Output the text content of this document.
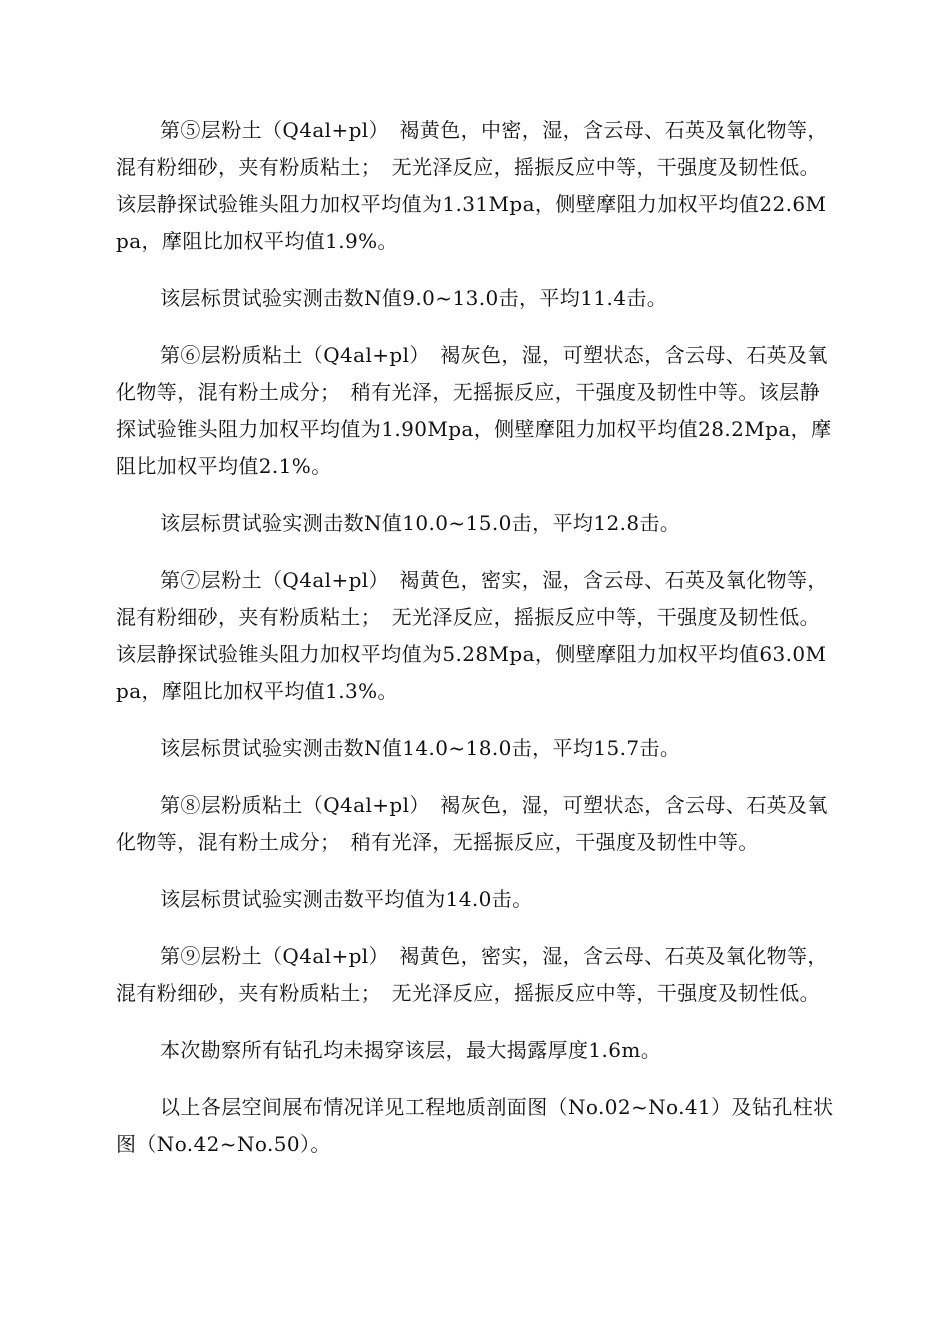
第⑤层粉土（Q4al+pl）　褐黄色，中密，湿，含云母、石英及氧化物等，混有粉细砂，夹有粉质粘土；　无光泽反应，摇振反应中等，干强度及韧性低。该层静探试验锥头阻力加权平均值为1.31Mpa，侧壁摩阻力加权平均值22.6Mpa，摩阻比加权平均值1.9%。

该层标贯试验实测击数N值9.0~13.0击，平均11.4击。

第⑥层粉质粘土（Q4al+pl）　褐灰色，湿，可塑状态，含云母、石英及氧化物等，混有粉土成分；　稍有光泽，无摇振反应，干强度及韧性中等。该层静探试验锥头阻力加权平均值为1.90Mpa，侧壁摩阻力加权平均值28.2Mpa，摩阻比加权平均值2.1%。

该层标贯试验实测击数N值10.0~15.0击，平均12.8击。

第⑦层粉土（Q4al+pl）　褐黄色，密实，湿，含云母、石英及氧化物等，混有粉细砂，夹有粉质粘土；　无光泽反应，摇振反应中等，干强度及韧性低。该层静探试验锥头阻力加权平均值为5.28Mpa，侧壁摩阻力加权平均值63.0Mpa，摩阻比加权平均值1.3%。

该层标贯试验实测击数N值14.0~18.0击，平均15.7击。

第⑧层粉质粘土（Q4al+pl）　褐灰色，湿，可塑状态，含云母、石英及氧化物等，混有粉土成分；　稍有光泽，无摇振反应，干强度及韧性中等。

该层标贯试验实测击数平均值为14.0击。

第⑨层粉土（Q4al+pl）　褐黄色，密实，湿，含云母、石英及氧化物等，混有粉细砂，夹有粉质粘土；　无光泽反应，摇振反应中等，干强度及韧性低。

本次勘察所有钻孔均未揭穿该层，最大揭露厚度1.6m。

以上各层空间展布情况详见工程地质剖面图（No.02~No.41）及钻孔柱状图（No.42~No.50）。
